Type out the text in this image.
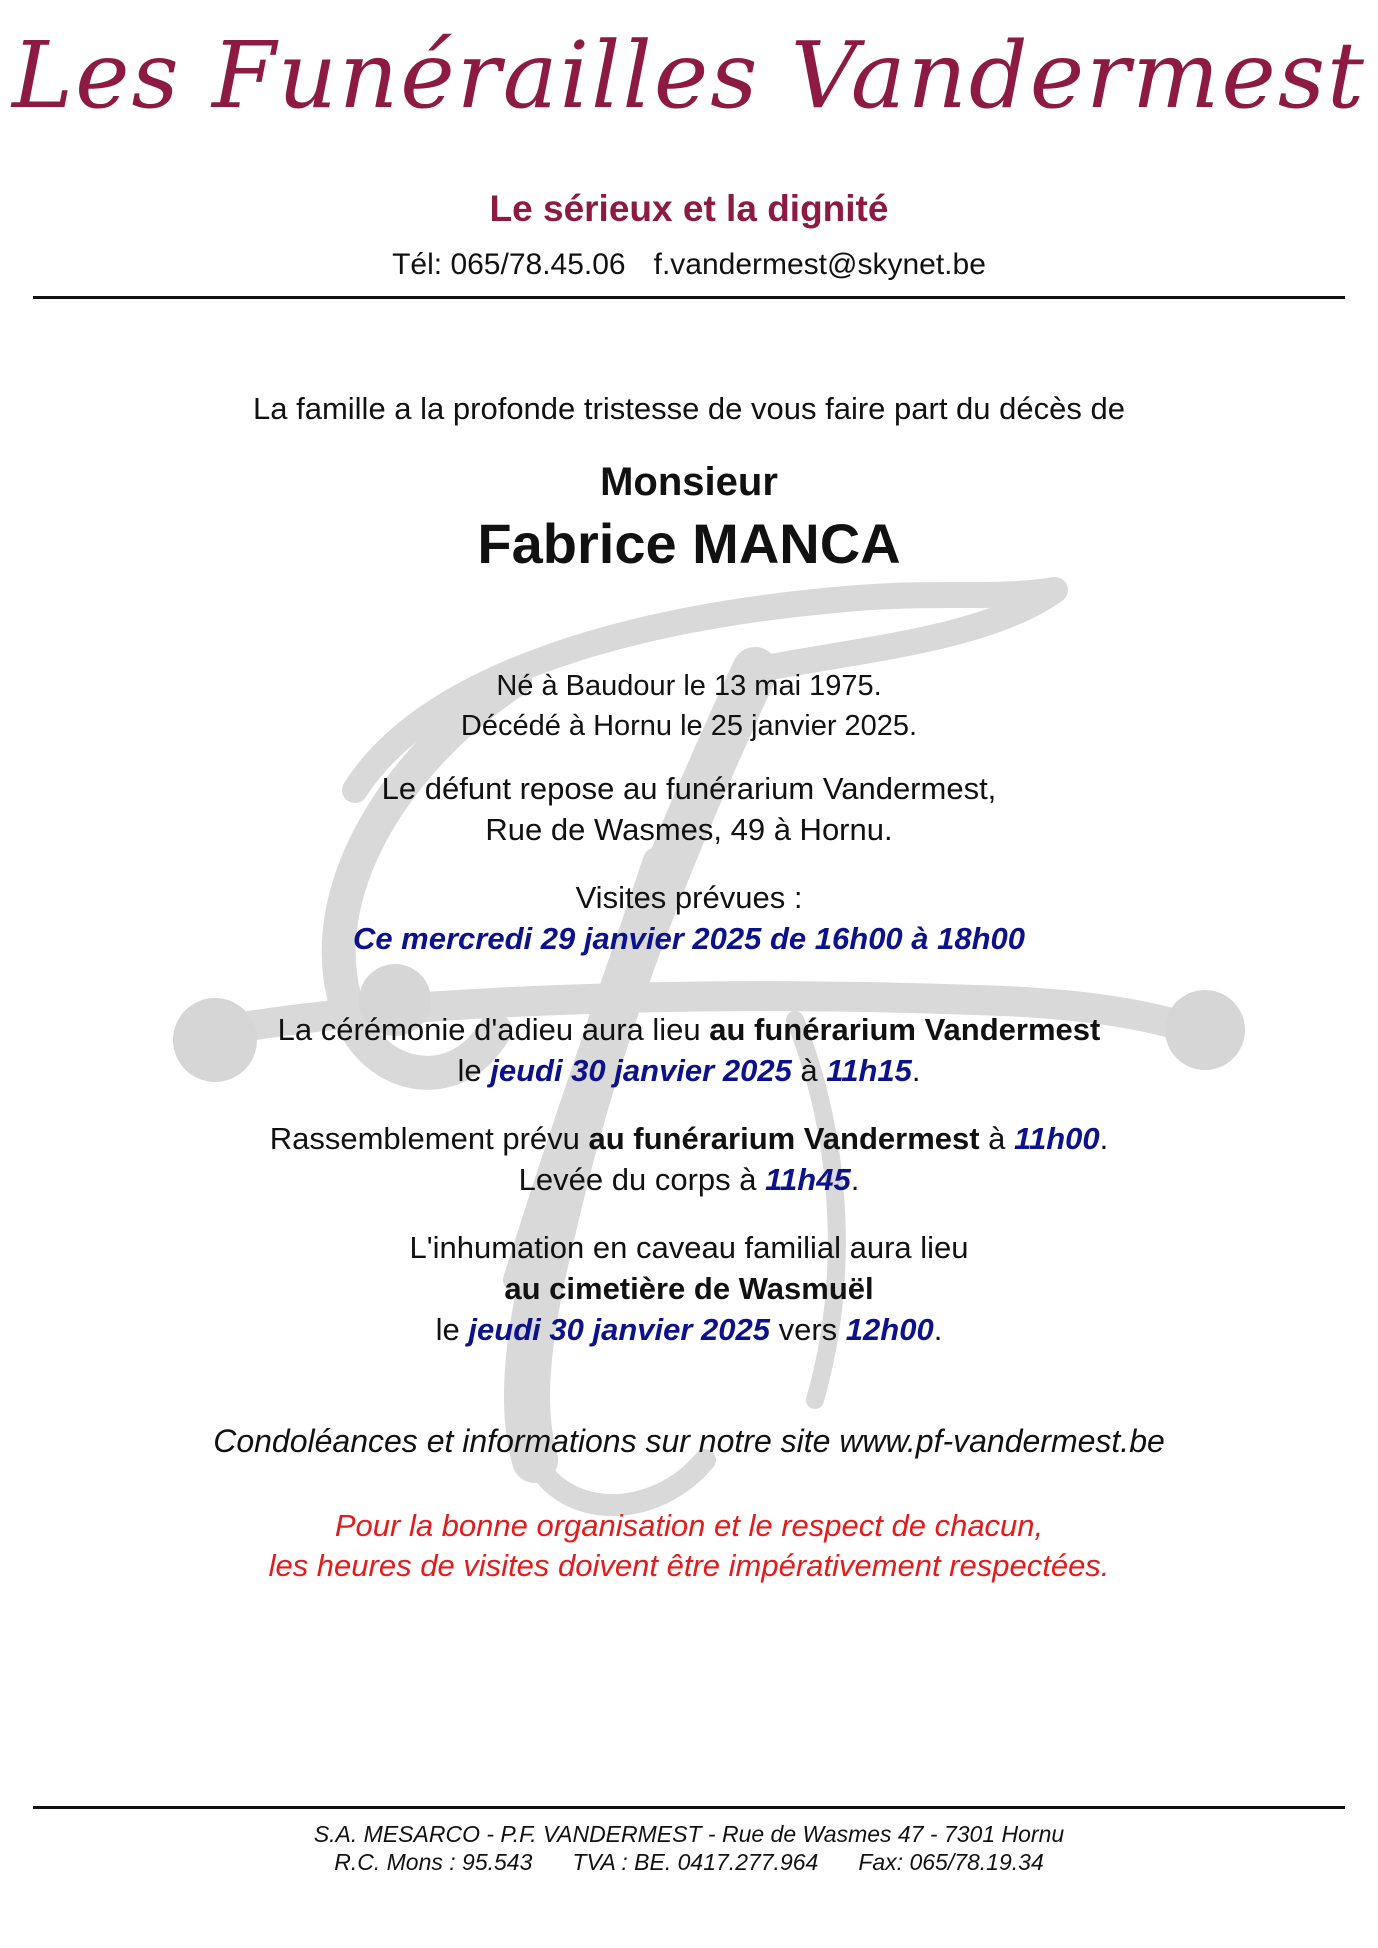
Les Funérailles Vandermest
Le sérieux et la dignité
Tél: 065/78.45.06 f.vandermest@skynet.be
La famille a la profonde tristesse de vous faire part du décès de
Monsieur
Fabrice MANCA
Né à Baudour le 13 mai 1975.
Décédé à Hornu le 25 janvier 2025.
Le défunt repose au funérarium Vandermest,
Rue de Wasmes, 49 à Hornu.
Visites prévues :
Ce mercredi 29 janvier 2025 de 16h00 à 18h00
La cérémonie d'adieu aura lieu au funérarium Vandermest
le jeudi 30 janvier 2025 à 11h15.
Rassemblement prévu au funérarium Vandermest à 11h00.
Levée du corps à 11h45.
L'inhumation en caveau familial aura lieu
au cimetière de Wasmuël
le jeudi 30 janvier 2025 vers 12h00.
Condoléances et informations sur notre site www.pf-vandermest.be
Pour la bonne organisation et le respect de chacun,
les heures de visites doivent être impérativement respectées.
S.A. MESARCO - P.F. VANDERMEST - Rue de Wasmes 47 - 7301 Hornu
R.C. Mons : 95.543 TVA : BE. 0417.277.964 Fax: 065/78.19.34
